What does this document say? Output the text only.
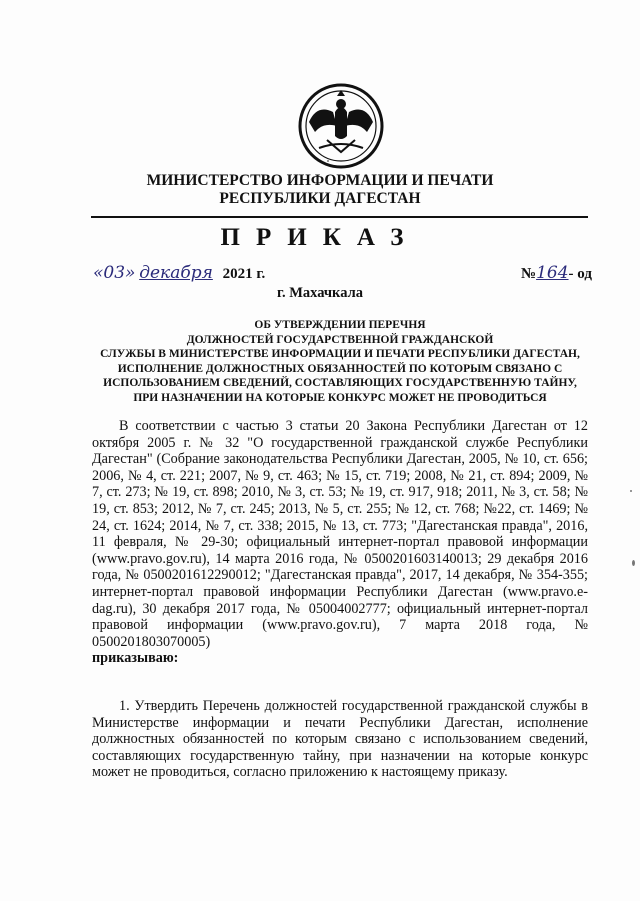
МИНИСТЕРСТВО ИНФОРМАЦИИ И ПЕЧАТИ
РЕСПУБЛИКИ ДАГЕСТАН
ПРИКАЗ
«03» декабря 2021 г.	№164- од
г. Махачкала
ОБ УТВЕРЖДЕНИИ ПЕРЕЧНЯ
ДОЛЖНОСТЕЙ ГОСУДАРСТВЕННОЙ ГРАЖДАНСКОЙ
СЛУЖБЫ В МИНИСТЕРСТВЕ ИНФОРМАЦИИ И ПЕЧАТИ РЕСПУБЛИКИ ДАГЕСТАН,
ИСПОЛНЕНИЕ ДОЛЖНОСТНЫХ ОБЯЗАННОСТЕЙ ПО КОТОРЫМ СВЯЗАНО С
ИСПОЛЬЗОВАНИЕМ СВЕДЕНИЙ, СОСТАВЛЯЮЩИХ ГОСУДАРСТВЕННУЮ ТАЙНУ,
ПРИ НАЗНАЧЕНИИ НА КОТОРЫЕ КОНКУРС МОЖЕТ НЕ ПРОВОДИТЬСЯ
В соответствии с частью 3 статьи 20 Закона Республики Дагестан от 12 октября 2005 г. № 32 "О государственной гражданской службе Республики Дагестан" (Собрание законодательства Республики Дагестан, 2005, № 10, ст. 656; 2006, № 4, ст. 221; 2007, № 9, ст. 463; № 15, ст. 719; 2008, № 21, ст. 894; 2009, № 7, ст. 273; № 19, ст. 898; 2010, № 3, ст. 53; № 19, ст. 917, 918; 2011, № 3, ст. 58; № 19, ст. 853; 2012, № 7, ст. 245; 2013, № 5, ст. 255; № 12, ст. 768; №22, ст. 1469; № 24, ст. 1624; 2014, № 7, ст. 338; 2015, № 13, ст. 773; "Дагестанская правда", 2016, 11 февраля, № 29-30; официальный интернет-портал правовой информации (www.pravo.gov.ru), 14 марта 2016 года, № 0500201603140013; 29 декабря 2016 года, № 0500201612290012; "Дагестанская правда", 2017, 14 декабря, № 354-355; интернет-портал правовой информации Республики Дагестан (www.pravo.e-dag.ru), 30 декабря 2017 года, № 05004002777; официальный интернет-портал правовой информации (www.pravo.gov.ru), 7 марта 2018 года, № 0500201803070005)
приказываю:
1. Утвердить Перечень должностей государственной гражданской службы в Министерстве информации и печати Республики Дагестан, исполнение должностных обязанностей по которым связано с использованием сведений, составляющих государственную тайну, при назначении на которые конкурс может не проводиться, согласно приложению к настоящему приказу.
